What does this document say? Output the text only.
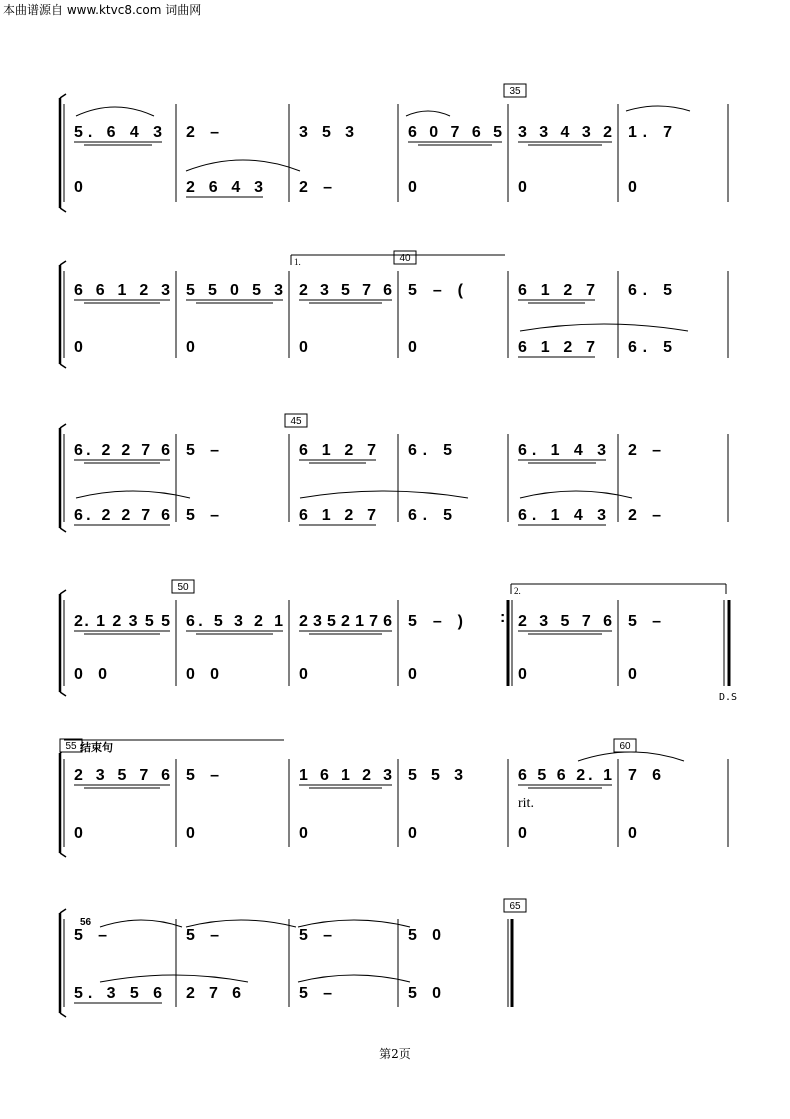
本曲谱源自 www.ktvc8.com 词曲网
5. 6 4 3
0
2 –
2 6 4 3
3 5 3
2 –
6 0 7 6 5
0
3 3 4 3 2
0
1. 7
0
35
6 6 1 2 3
0
5 5 0 5 3
0
2 3 5 7 6
0
5 – (
0
6 1 2 7
6 1 2 7
6. 5
6. 5
40
1.
6. 2 2 7 6
6. 2 2 7 6
5 –
5 –
6 1 2 7
6 1 2 7
6. 5
6. 5
6. 1 4 3
6. 1 4 3
2 –
2 –
45
2. 1 2 3 5 5
0 0
6. 5 3 2 1
0 0
2 3 5 2 1 7 6
0
5 – )
0
2 3 5 7 6
0
5 –
0
50	2.
:
D.S
2 3 5 7 6
0
5 –
0
1 6 1 2 3
0
5 5 3
0
6 5 6 2. 1
0
7 6
0
55	60
结束句
rit.
5 –
5. 3 5 6
5 –
2 7 6
5 –
5 –
5 0
5 0
65
56
第2页
